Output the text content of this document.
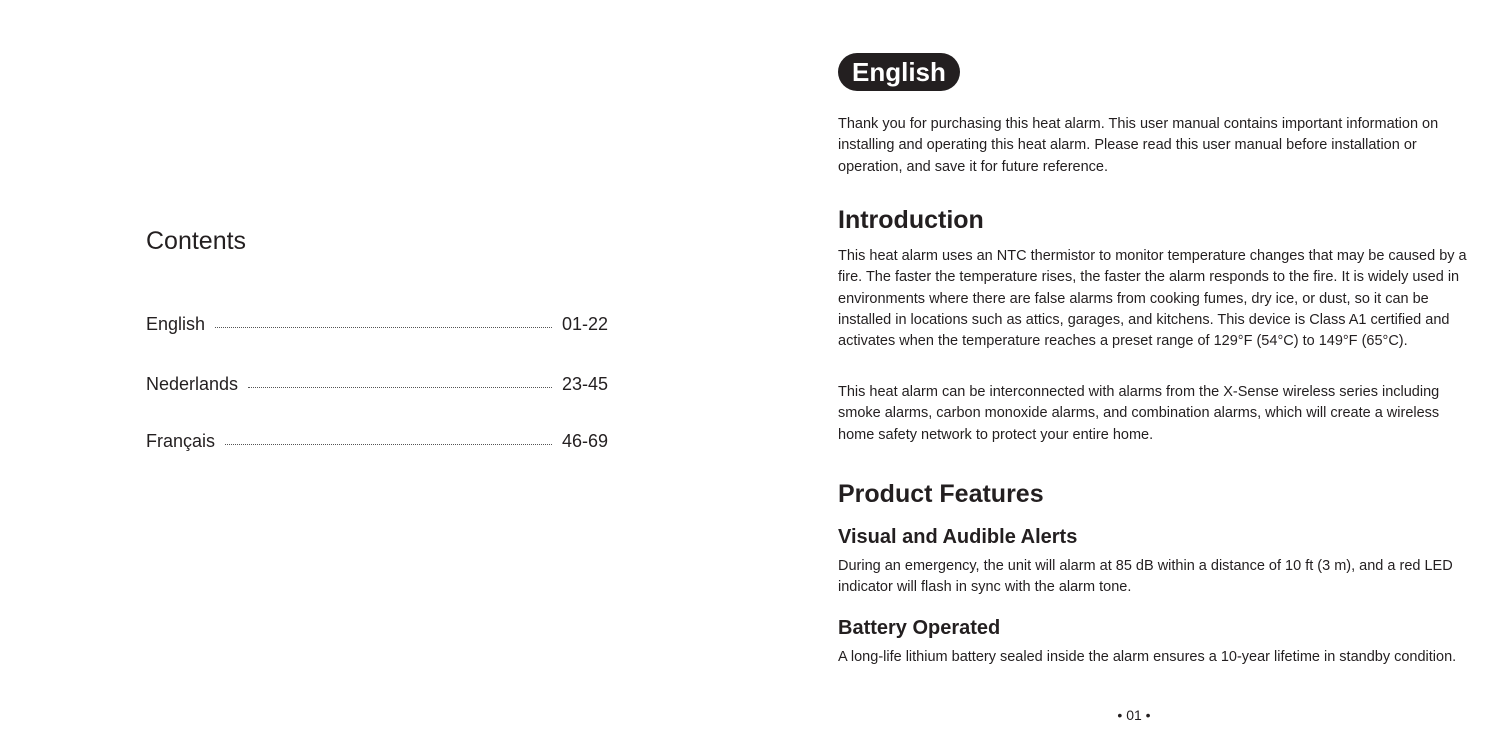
Contents
English	01-22
Nederlands	23-45
Français	46-69
English

Thank you for purchasing this heat alarm. This user manual contains important information on installing and operating this heat alarm. Please read this user manual before installation or operation, and save it for future reference.

Introduction

This heat alarm uses an NTC thermistor to monitor temperature changes that may be caused by a fire. The faster the temperature rises, the faster the alarm responds to the fire. It is widely used in environments where there are false alarms from cooking fumes, dry ice, or dust, so it can be installed in locations such as attics, garages, and kitchens. This device is Class A1 certified and activates when the temperature reaches a preset range of 129°F (54°C) to 149°F (65°C).

This heat alarm can be interconnected with alarms from the X-Sense wireless series including smoke alarms, carbon monoxide alarms, and combination alarms, which will create a wireless home safety network to protect your entire home.

Product Features
Visual and Audible Alerts

During an emergency, the unit will alarm at 85 dB within a distance of 10 ft (3 m), and a red LED indicator will flash in sync with the alarm tone.

Battery Operated

A long-life lithium battery sealed inside the alarm ensures a 10-year lifetime in standby condition.

• 01 •
